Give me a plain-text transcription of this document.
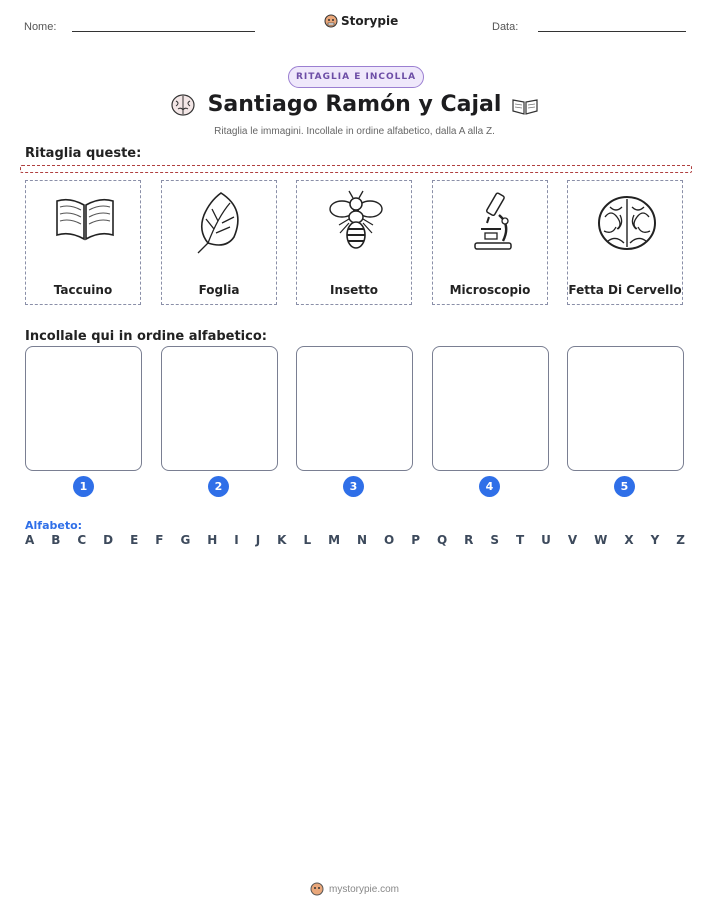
Nome:	Storypie	Data:
RITAGLIA E INCOLLA
Santiago Ramón y Cajal
Ritaglia le immagini. Incollale in ordine alfabetico, dalla A alla Z.
Ritaglia queste:
Taccuino	Foglia	Insetto	Microscopio	Fetta Di Cervello
Incollale qui in ordine alfabetico:
1	2	3	4	5
Alfabeto:
A B C D E F G H I J K L M N O P Q R S T U V W X Y Z
mystorypie.com
